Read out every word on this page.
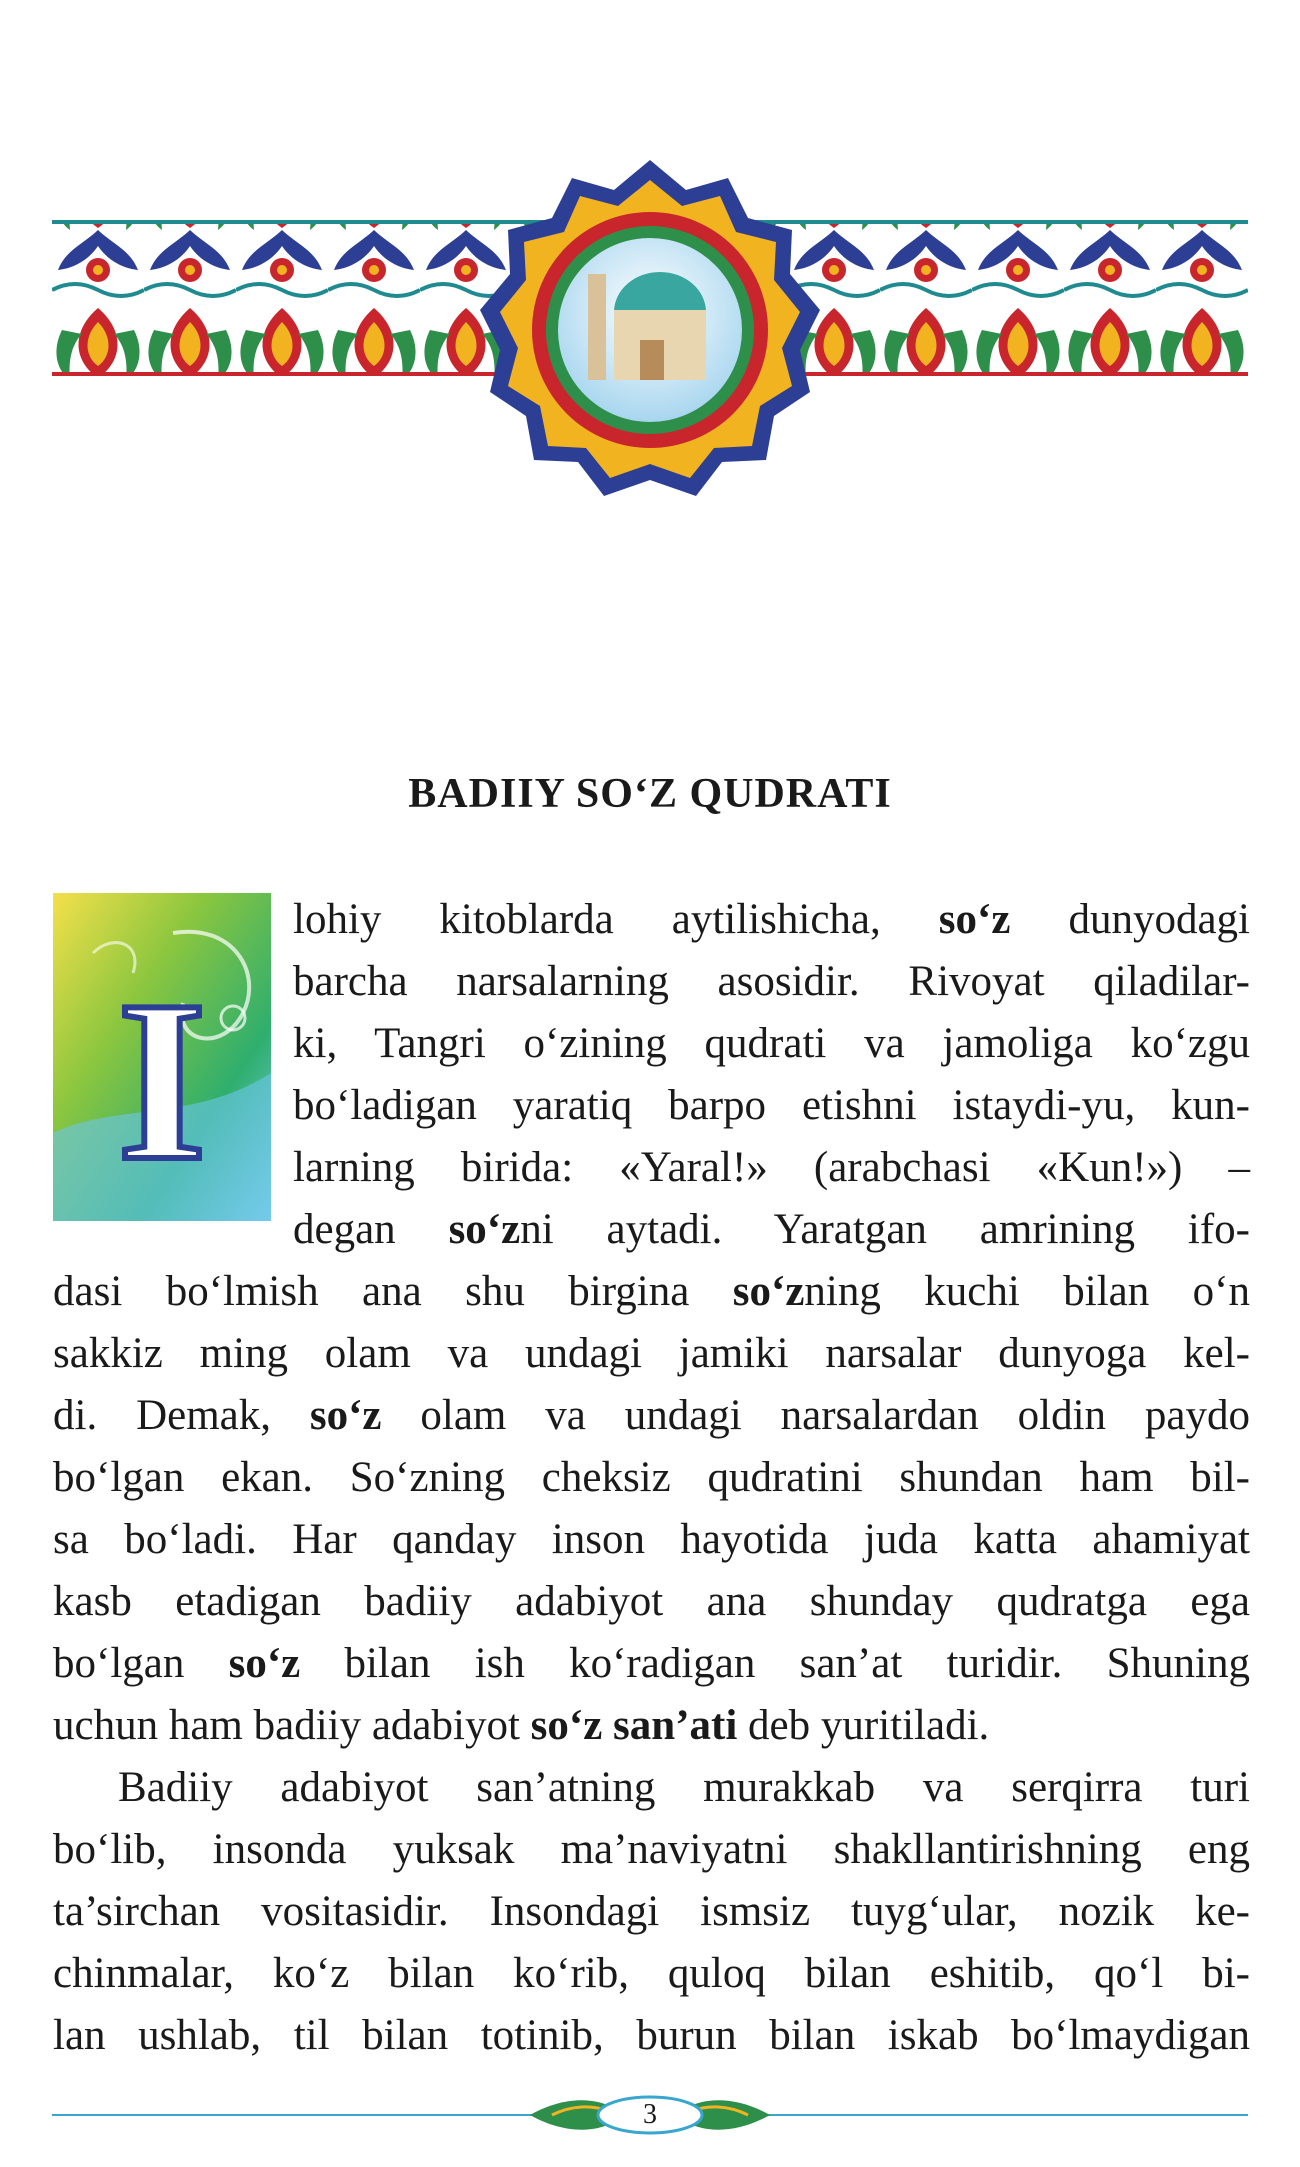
BADIIY SO‘Z QUDRATI
I
lohiy kitoblarda aytilishicha, so‘z dunyodagi
barcha narsalarning asosidir. Rivoyat qiladilar-
ki, Tangri o‘zining qudrati va jamoliga ko‘zgu
bo‘ladigan yaratiq barpo etishni istaydi-yu, kun-
larning birida: «Yaral!» (arabchasi «Kun!») –
degan so‘zni aytadi. Yaratgan amrining ifo-
dasi bo‘lmish ana shu birgina so‘zning kuchi bilan o‘n
sakkiz ming olam va undagi jamiki narsalar dunyoga kel-
di. Demak, so‘z olam va undagi narsalardan oldin paydo
bo‘lgan ekan. So‘zning cheksiz qudratini shundan ham bil-
sa bo‘ladi. Har qanday inson hayotida juda katta ahamiyat
kasb etadigan badiiy adabiyot ana shunday qudratga ega
bo‘lgan so‘z bilan ish ko‘radigan san’at turidir. Shuning
uchun ham badiiy adabiyot so‘z san’ati deb yuritiladi.
Badiiy adabiyot san’atning murakkab va serqirra turi
bo‘lib, insonda yuksak ma’naviyatni shakllantirishning eng
ta’sirchan vositasidir. Insondagi ismsiz tuyg‘ular, nozik ke-
chinmalar, ko‘z bilan ko‘rib, quloq bilan eshitib, qo‘l bi-
lan ushlab, til bilan totinib, burun bilan iskab bo‘lmaydigan
3
